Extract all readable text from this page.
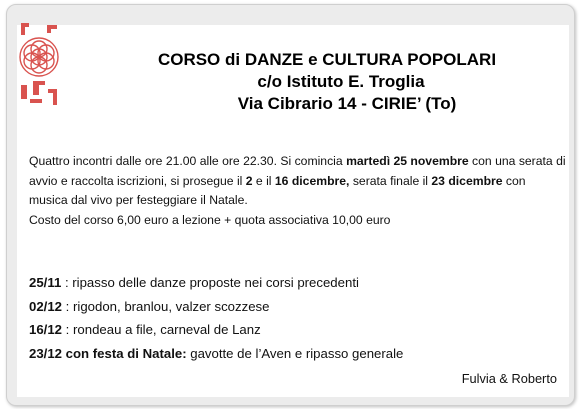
CORSO di DANZE e CULTURA POPOLARI
c/o Istituto E. Troglia
Via Cibrario 14 - CIRIE’ (To)
Quattro incontri dalle ore 21.00 alle ore 22.30. Si comincia martedì 25 novembre con una serata di avvio e raccolta iscrizioni, si prosegue il 2 e il 16 dicembre, serata finale il 23 dicembre con musica dal vivo per festeggiare il Natale.
Costo del corso 6,00 euro a lezione + quota associativa 10,00 euro
25/11 : ripasso delle danze proposte nei corsi precedenti
02/12 : rigodon, branlou, valzer scozzese
16/12 : rondeau a file, carneval de Lanz
23/12 con festa di Natale: gavotte de l’Aven e ripasso generale
Fulvia & Roberto
